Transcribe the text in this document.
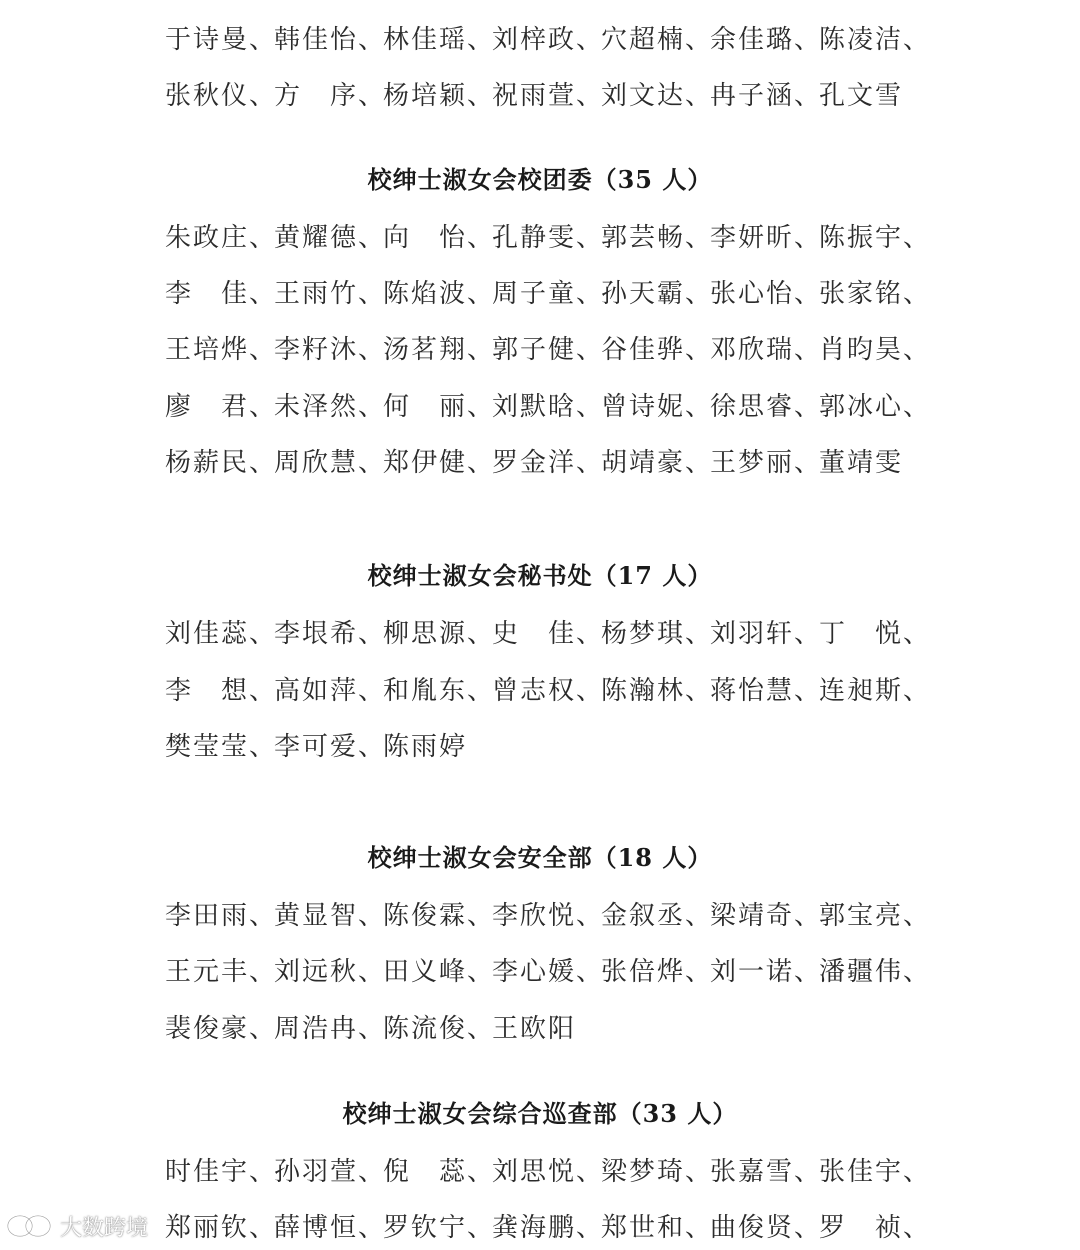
于诗曼、
韩佳怡、
林佳瑶、
刘梓政、
穴超楠、
余佳璐、
陈凌洁、
张秋仪、
方　序、
杨培颖、
祝雨萱、
刘文达、
冉子涵、
孔文雪
校绅士淑女会校团委（35 人）
朱政庄、
黄耀德、
向　怡、
孔静雯、
郭芸畅、
李妍昕、
陈振宇、
李　佳、
王雨竹、
陈焰波、
周子童、
孙天霸、
张心怡、
张家铭、
王培烨、
李籽沐、
汤茗翔、
郭子健、
谷佳骅、
邓欣瑞、
肖昀昊、
廖　君、
未泽然、
何　丽、
刘默晗、
曾诗妮、
徐思睿、
郭冰心、
杨薪民、
周欣慧、
郑伊健、
罗金洋、
胡靖豪、
王梦丽、
董靖雯
校绅士淑女会秘书处（17 人）
刘佳蕊、
李垠希、
柳思源、
史　佳、
杨梦琪、
刘羽轩、
丁　悦、
李　想、
高如萍、
和胤东、
曾志权、
陈瀚林、
蒋怡慧、
连昶斯、
樊莹莹、
李可爱、
陈雨婷
校绅士淑女会安全部（18 人）
李田雨、
黄显智、
陈俊霖、
李欣悦、
金叙丞、
梁靖奇、
郭宝亮、
王元丰、
刘远秋、
田义峰、
李心媛、
张倍烨、
刘一诺、
潘疆伟、
裴俊豪、
周浩冉、
陈流俊、
王欧阳
校绅士淑女会综合巡查部（33 人）
时佳宇、
孙羽萱、
倪　蕊、
刘思悦、
梁梦琦、
张嘉雪、
张佳宇、
郑丽钦、
薛博恒、
罗钦宁、
龚海鹏、
郑世和、
曲俊贤、
罗　祯、
大数跨境
